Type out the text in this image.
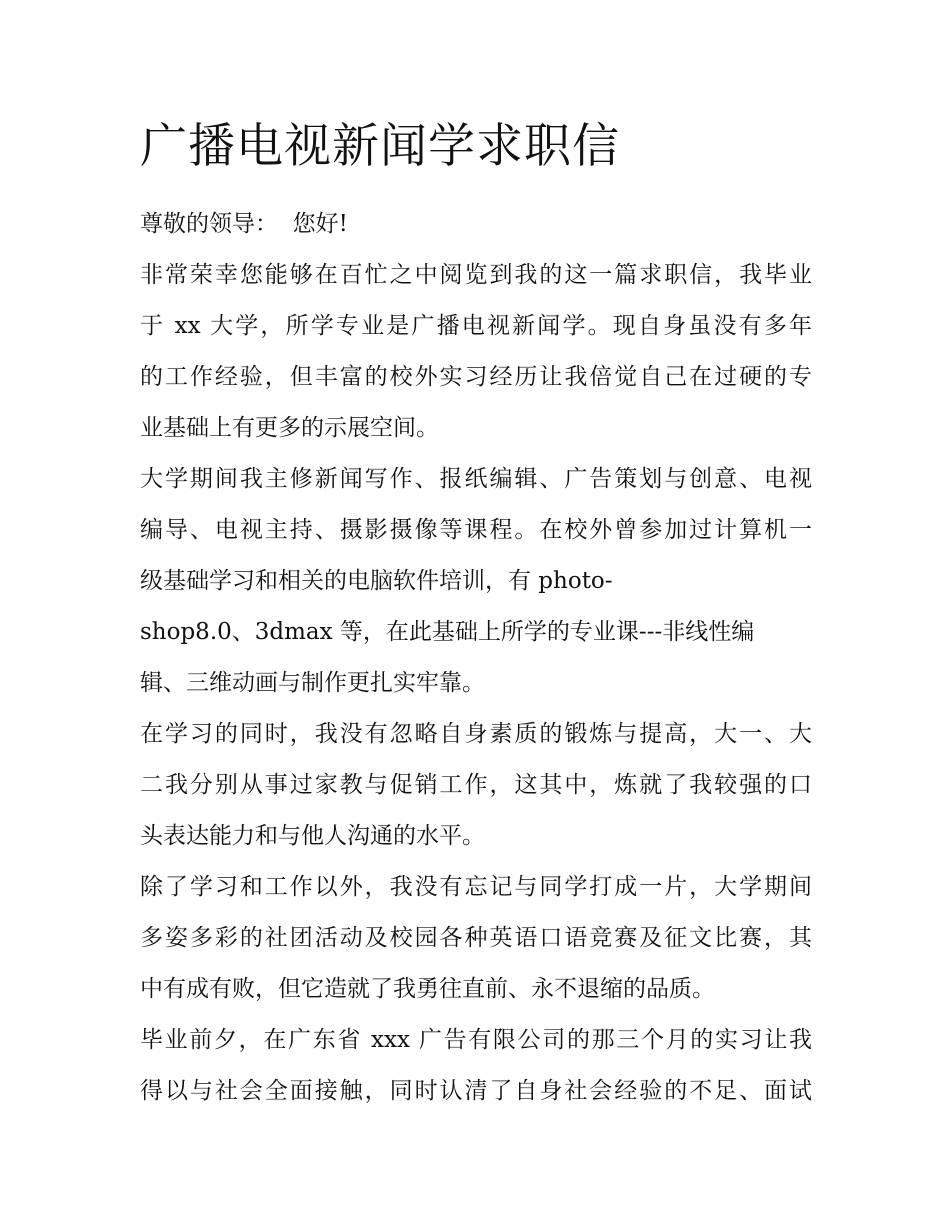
广播电视新闻学求职信

尊敬的领导：  您好!

非常荣幸您能够在百忙之中阅览到我的这一篇求职信，我毕业
于 xx 大学，所学专业是广播电视新闻学。现自身虽没有多年
的工作经验，但丰富的校外实习经历让我倍觉自己在过硬的专
业基础上有更多的示展空间。

大学期间我主修新闻写作、报纸编辑、广告策划与创意、电视
编导、电视主持、摄影摄像等课程。在校外曾参加过计算机一
级基础学习和相关的电脑软件培训，有 photo-
shop8.0、3dmax 等，在此基础上所学的专业课---非线性编
辑、三维动画与制作更扎实牢靠。

在学习的同时，我没有忽略自身素质的锻炼与提高，大一、大
二我分别从事过家教与促销工作，这其中，炼就了我较强的口
头表达能力和与他人沟通的水平。

除了学习和工作以外，我没有忘记与同学打成一片，大学期间
多姿多彩的社团活动及校园各种英语口语竞赛及征文比赛，其
中有成有败，但它造就了我勇往直前、永不退缩的品质。

毕业前夕，在广东省 xxx 广告有限公司的那三个月的实习让我
得以与社会全面接触，同时认清了自身社会经验的不足、面试
